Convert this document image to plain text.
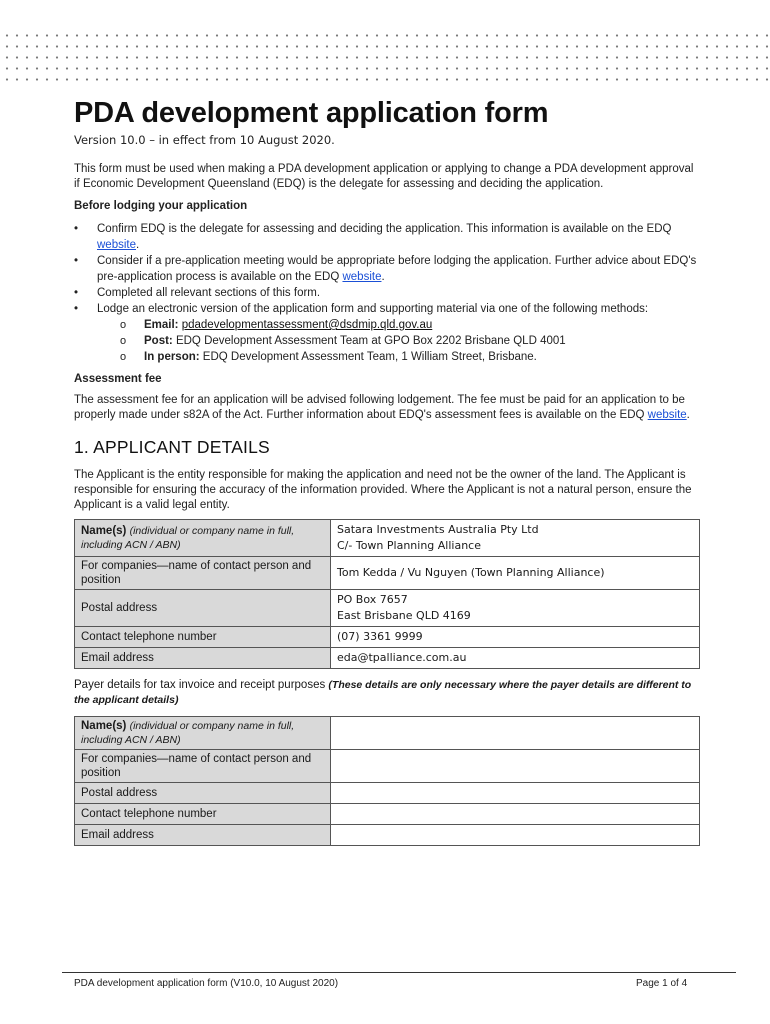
PDA development application form
Version 10.0 – in effect from 10 August 2020.

This form must be used when making a PDA development application or applying to change a PDA development approval if Economic Development Queensland (EDQ) is the delegate for assessing and deciding the application.

Before lodging your application
• Confirm EDQ is the delegate for assessing and deciding the application. This information is available on the EDQ website.
• Consider if a pre-application meeting would be appropriate before lodging the application. Further advice about EDQ's pre-application process is available on the EDQ website.
• Completed all relevant sections of this form.
• Lodge an electronic version of the application form and supporting material via one of the following methods:
o Email: pdadevelopmentassessment@dsdmip.qld.gov.au
o Post: EDQ Development Assessment Team at GPO Box 2202 Brisbane QLD 4001
o In person: EDQ Development Assessment Team, 1 William Street, Brisbane.
Assessment fee

The assessment fee for an application will be advised following lodgement. The fee must be paid for an application to be properly made under s82A of the Act. Further information about EDQ's assessment fees is available on the EDQ website.

1. APPLICANT DETAILS

The Applicant is the entity responsible for making the application and need not be the owner of the land. The Applicant is responsible for ensuring the accuracy of the information provided. Where the Applicant is not a natural person, ensure the Applicant is a valid legal entity.

Name(s) (individual or company name in full, including ACN / ABN)	Satara Investments Australia Pty Ltd
C/- Town Planning Alliance

For companies—name of contact person and position	Tom Kedda / Vu Nguyen (Town Planning Alliance)
Postal address	PO Box 7657
East Brisbane QLD 4169

Contact telephone number	(07) 3361 9999
Email address	eda@tpalliance.com.au

Payer details for tax invoice and receipt purposes (These details are only necessary where the payer details are different to the applicant details)

Name(s) (individual or company name in full, including ACN / ABN)	
For companies—name of contact person and position	
Postal address	
Contact telephone number	
Email address	
PDA development application form (V10.0, 10 August 2020)	Page 1 of 4
